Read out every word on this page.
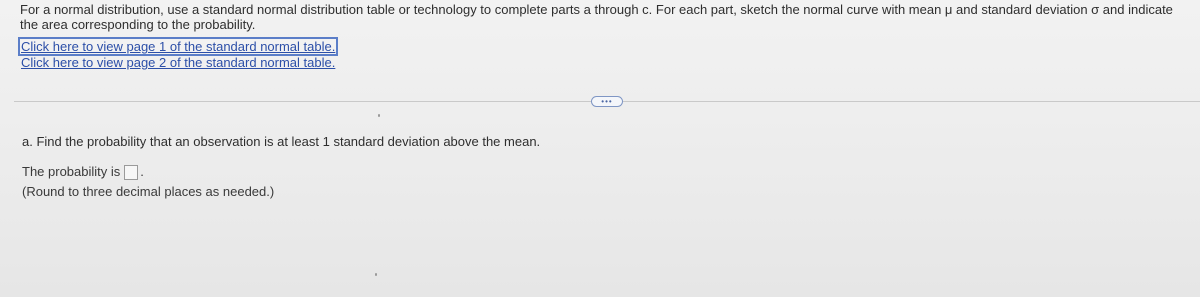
For a normal distribution, use a standard normal distribution table or technology to complete parts a through c. For each part, sketch the normal curve with mean μ and standard deviation σ and indicate the area corresponding to the probability.
Click here to view page 1 of the standard normal table.
Click here to view page 2 of the standard normal table.
•••
a. Find the probability that an observation is at least 1 standard deviation above the mean.
The probability is .
(Round to three decimal places as needed.)
